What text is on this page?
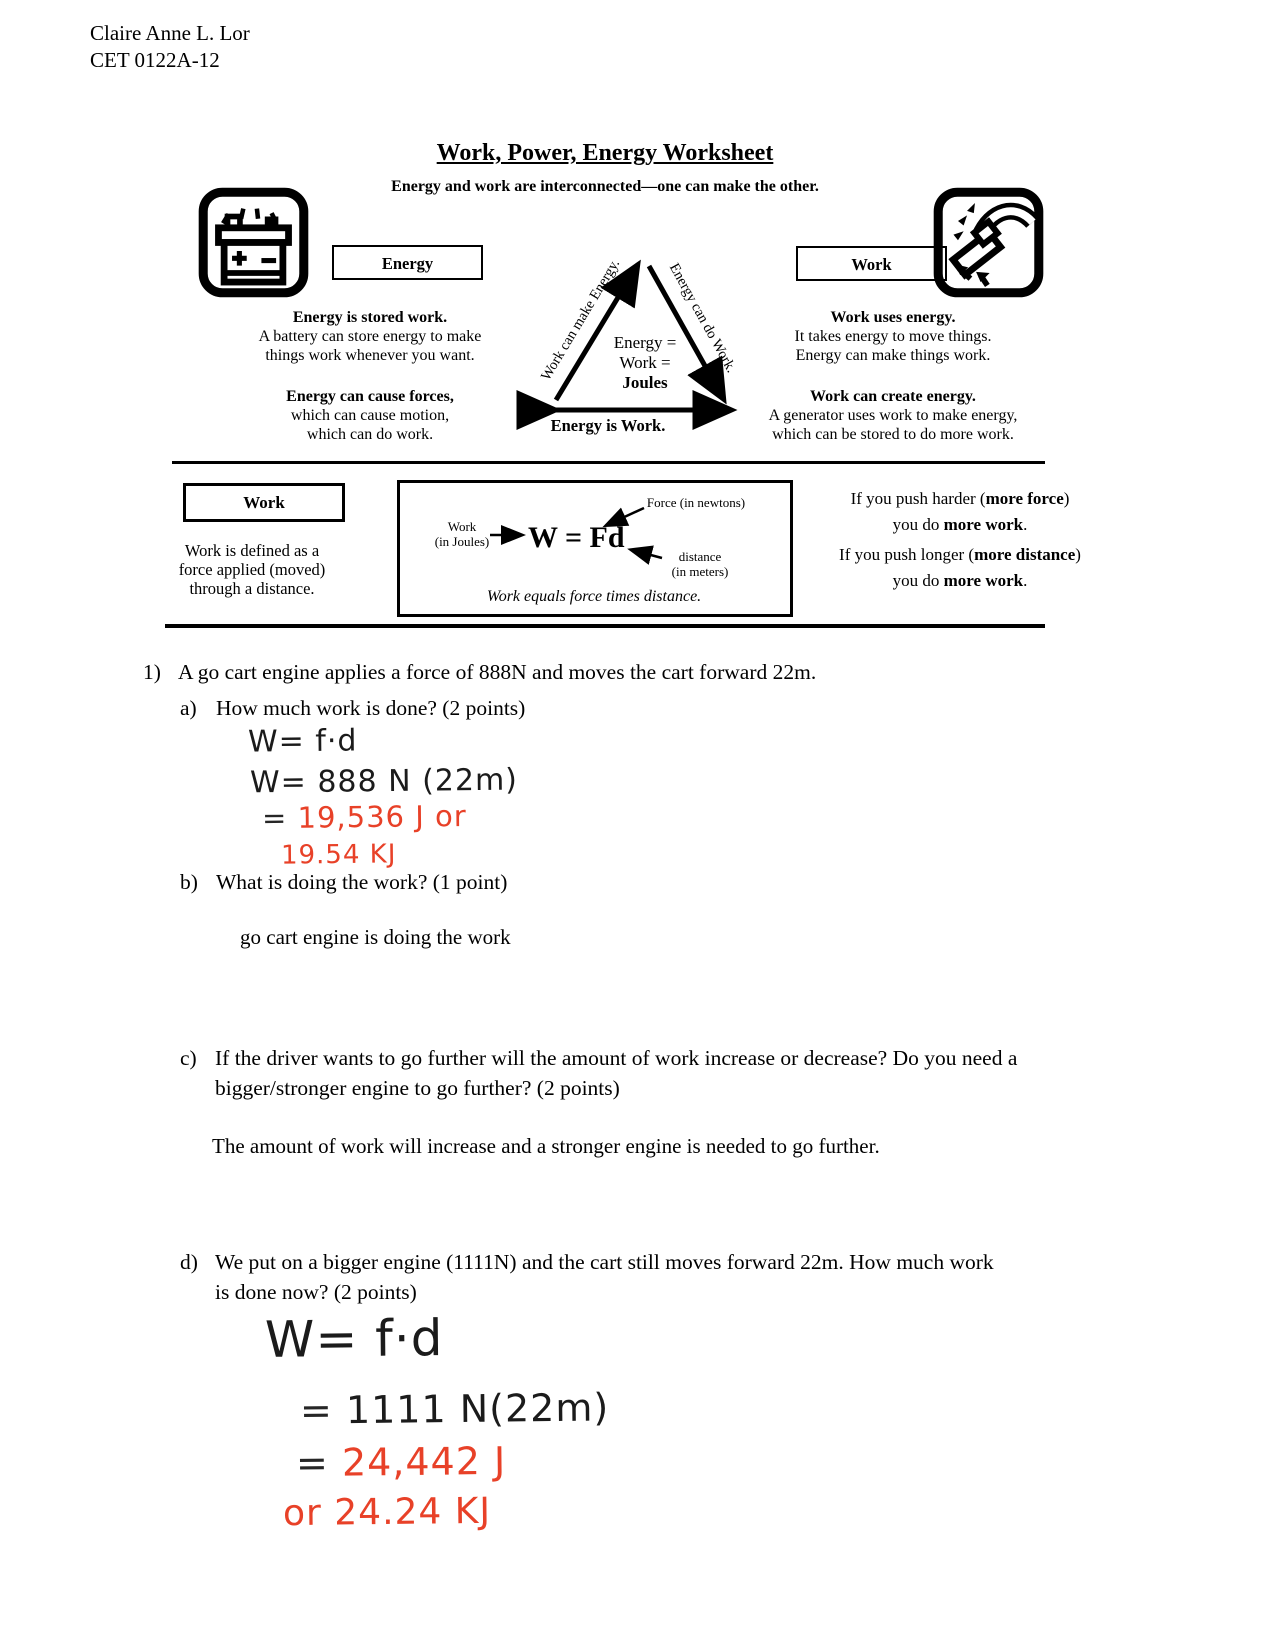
Claire Anne L. Lor
CET 0122A-12
Work, Power, Energy Worksheet
Energy and work are interconnected—one can make the other.
Energy
Energy is stored work.
A battery can store energy to make
things work whenever you want.
Energy can cause forces,
which can cause motion,
which can do work.
Work can make Energy.	Energy can do Work.
Energy =
Work =
Joules
Energy is Work.
Work
Work uses energy.
It takes energy to move things.
Energy can make things work.
Work can create energy.
A generator uses work to make energy,
which can be stored to do more work.
Work
Work is defined as a
force applied (moved)
through a distance.
Work
(in Joules) W = Fd
Force (in newtons)
distance
(in meters)
Work equals force times distance.
If you push harder (more force)
you do more work.
If you push longer (more distance)
you do more work.
1) A go cart engine applies a force of 888N and moves the cart forward 22m.
a) How much work is done? (2 points)
W= f·d
W= 888 N (22m)
= 19,536 J or
19.54 KJ
b) What is doing the work? (1 point)
go cart engine is doing the work
c) If the driver wants to go further will the amount of work increase or decrease? Do you need a bigger/stronger engine to go further? (2 points)
The amount of work will increase and a stronger engine is needed to go further.
d) We put on a bigger engine (1111N) and the cart still moves forward 22m. How much work is done now? (2 points)
W= f·d
= 1111 N(22m)
= 24,442 J
or 24.24 KJ
